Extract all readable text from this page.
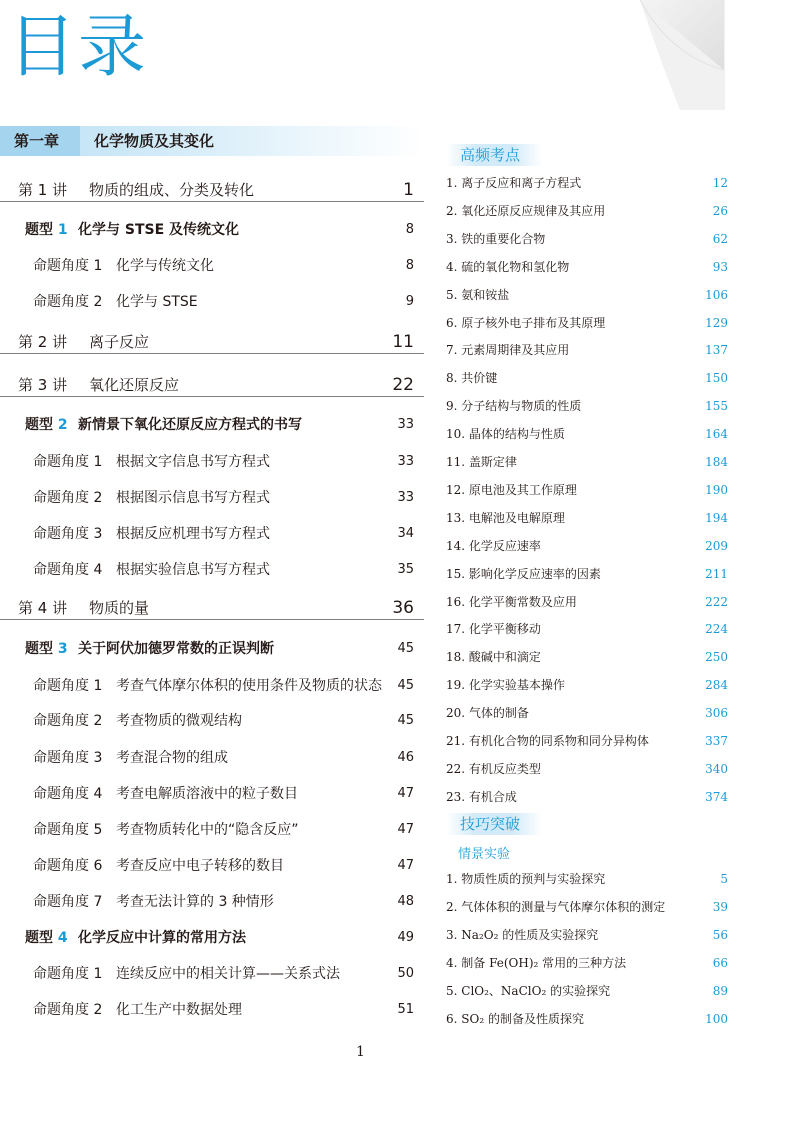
目录
第一章	化学物质及其变化
第 1 讲 物质的组成、分类及转化	1
题型 1 化学与 STSE 及传统文化	8
命题角度 1 化学与传统文化	8
命题角度 2 化学与 STSE	9
第 2 讲 离子反应	11
第 3 讲 氧化还原反应	22
题型 2 新情景下氧化还原反应方程式的书写	33
命题角度 1 根据文字信息书写方程式	33
命题角度 2 根据图示信息书写方程式	33
命题角度 3 根据反应机理书写方程式	34
命题角度 4 根据实验信息书写方程式	35
第 4 讲 物质的量	36
题型 3 关于阿伏加德罗常数的正误判断	45
命题角度 1 考查气体摩尔体积的使用条件及物质的状态 45
命题角度 2 考查物质的微观结构	45
命题角度 3 考查混合物的组成	46
命题角度 4 考查电解质溶液中的粒子数目	47
命题角度 5 考查物质转化中的“隐含反应”	47
命题角度 6 考查反应中电子转移的数目	47
命题角度 7 考查无法计算的 3 种情形	48
题型 4 化学反应中计算的常用方法	49
命题角度 1 连续反应中的相关计算——关系式法	50
命题角度 2 化工生产中数据处理	51
1
高频考点
1. 离子反应和离子方程式	12
2. 氧化还原反应规律及其应用	26
3. 铁的重要化合物	62
4. 硫的氧化物和氢化物	93
5. 氨和铵盐	106
6. 原子核外电子排布及其原理	129
7. 元素周期律及其应用	137
8. 共价键	150
9. 分子结构与物质的性质	155
10. 晶体的结构与性质	164
11. 盖斯定律	184
12. 原电池及其工作原理	190
13. 电解池及电解原理	194
14. 化学反应速率	209
15. 影响化学反应速率的因素	211
16. 化学平衡常数及应用	222
17. 化学平衡移动	224
18. 酸碱中和滴定	250
19. 化学实验基本操作	284
20. 气体的制备	306
21. 有机化合物的同系物和同分异构体	337
22. 有机反应类型	340
23. 有机合成	374
技巧突破
情景实验
1. 物质性质的预判与实验探究	5
2. 气体体积的测量与气体摩尔体积的测定	39
3. Na₂O₂ 的性质及实验探究	56
4. 制备 Fe(OH)₂ 常用的三种方法	66
5. ClO₂、NaClO₂ 的实验探究	89
6. SO₂ 的制备及性质探究	100
